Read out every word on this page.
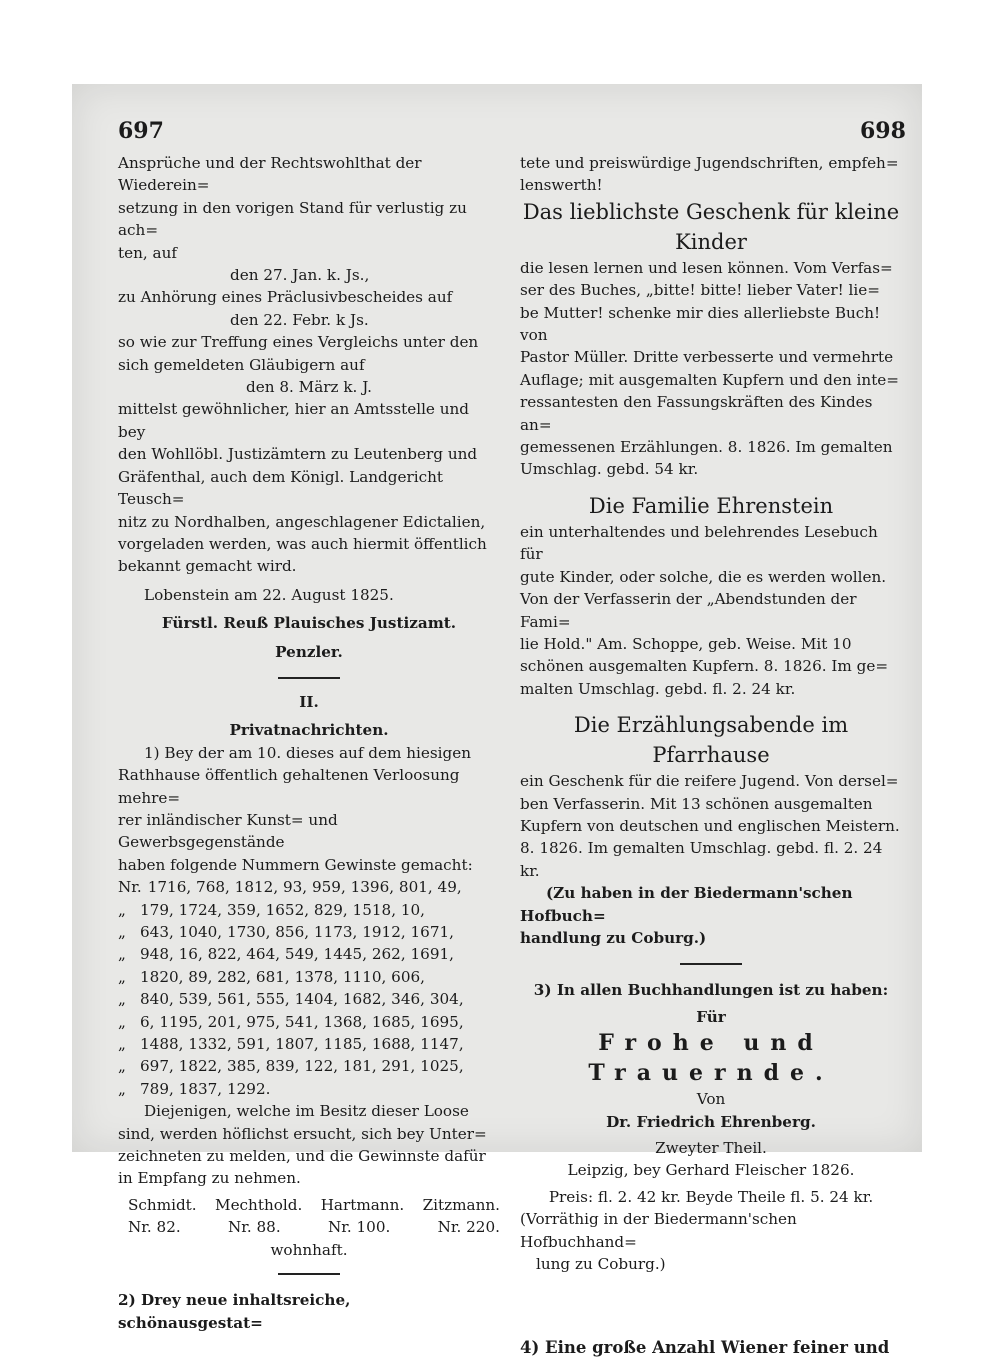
697	698

Ansprüche und der Rechtswohlthat der Wiederein=

setzung in den vorigen Stand für verlustig zu ach=

ten, auf

den 27. Jan. k. Js.,

zu Anhörung eines Präclusivbescheides auf

den 22. Febr. k Js.

so wie zur Treffung eines Vergleichs unter den

sich gemeldeten Gläubigern auf

den 8. März k. J.

mittelst gewöhnlicher, hier an Amtsstelle und bey

den Wohllöbl. Justizämtern zu Leutenberg und

Gräfenthal, auch dem Königl. Landgericht Teusch=

nitz zu Nordhalben, angeschlagener Edictalien,

vorgeladen werden, was auch hiermit öffentlich

bekannt gemacht wird.

Lobenstein am 22. August 1825.

Fürstl. Reuß Plauisches Justizamt.

Penzler.

II.

Privatnachrichten.

1) Bey der am 10. dieses auf dem hiesigen

Rathhause öffentlich gehaltenen Verloosung mehre=

rer inländischer Kunst= und Gewerbsgegenstände

haben folgende Nummern Gewinste gemacht:

Nr. 1716, 768, 1812, 93, 959, 1396, 801, 49,

„ 179, 1724, 359, 1652, 829, 1518, 10,

„ 643, 1040, 1730, 856, 1173, 1912, 1671,

„ 948, 16, 822, 464, 549, 1445, 262, 1691,

„ 1820, 89, 282, 681, 1378, 1110, 606,

„ 840, 539, 561, 555, 1404, 1682, 346, 304,

„ 6, 1195, 201, 975, 541, 1368, 1685, 1695,

„ 1488, 1332, 591, 1807, 1185, 1688, 1147,

„ 697, 1822, 385, 839, 122, 181, 291, 1025,

„ 789, 1837, 1292.

Diejenigen, welche im Besitz dieser Loose

sind, werden höflichst ersucht, sich bey Unter=

zeichneten zu melden, und die Gewinnste dafür

in Empfang zu nehmen.

Schmidt. Mechthold. Hartmann. Zitzmann.
Nr. 82.	Nr. 88.	Nr. 100.	Nr. 220.

wohnhaft.

2) Drey neue inhaltsreiche, schönausgestat=

tete und preiswürdige Jugendschriften, empfeh=

lenswerth!

Das lieblichste Geschenk für kleine Kinder

die lesen lernen und lesen können. Vom Verfas=

ser des Buches, „bitte! bitte! lieber Vater! lie=

be Mutter! schenke mir dies allerliebste Buch! von

Pastor Müller. Dritte verbesserte und vermehrte

Auflage; mit ausgemalten Kupfern und den inte=

ressantesten den Fassungskräften des Kindes an=

gemessenen Erzählungen. 8. 1826. Im gemalten

Umschlag. gebd. 54 kr.

Die Familie Ehrenstein

ein unterhaltendes und belehrendes Lesebuch für

gute Kinder, oder solche, die es werden wollen.

Von der Verfasserin der „Abendstunden der Fami=

lie Hold." Am. Schoppe, geb. Weise. Mit 10

schönen ausgemalten Kupfern. 8. 1826. Im ge=

malten Umschlag. gebd. fl. 2. 24 kr.

Die Erzählungsabende im Pfarrhause

ein Geschenk für die reifere Jugend. Von dersel=

ben Verfasserin. Mit 13 schönen ausgemalten

Kupfern von deutschen und englischen Meistern.

8. 1826. Im gemalten Umschlag. gebd. fl. 2. 24 kr.

(Zu haben in der Biedermann'schen Hofbuch=

handlung zu Coburg.)

3) In allen Buchhandlungen ist zu haben:

Für

Frohe und Trauernde.

Von

Dr. Friedrich Ehrenberg.

Zweyter Theil.

Leipzig, bey Gerhard Fleischer 1826.

Preis: fl. 2. 42 kr. Beyde Theile fl. 5. 24 kr.

(Vorräthig in der Biedermann'schen Hofbuchhand=

lung zu Coburg.)

4) Eine große Anzahl Wiener feiner und
